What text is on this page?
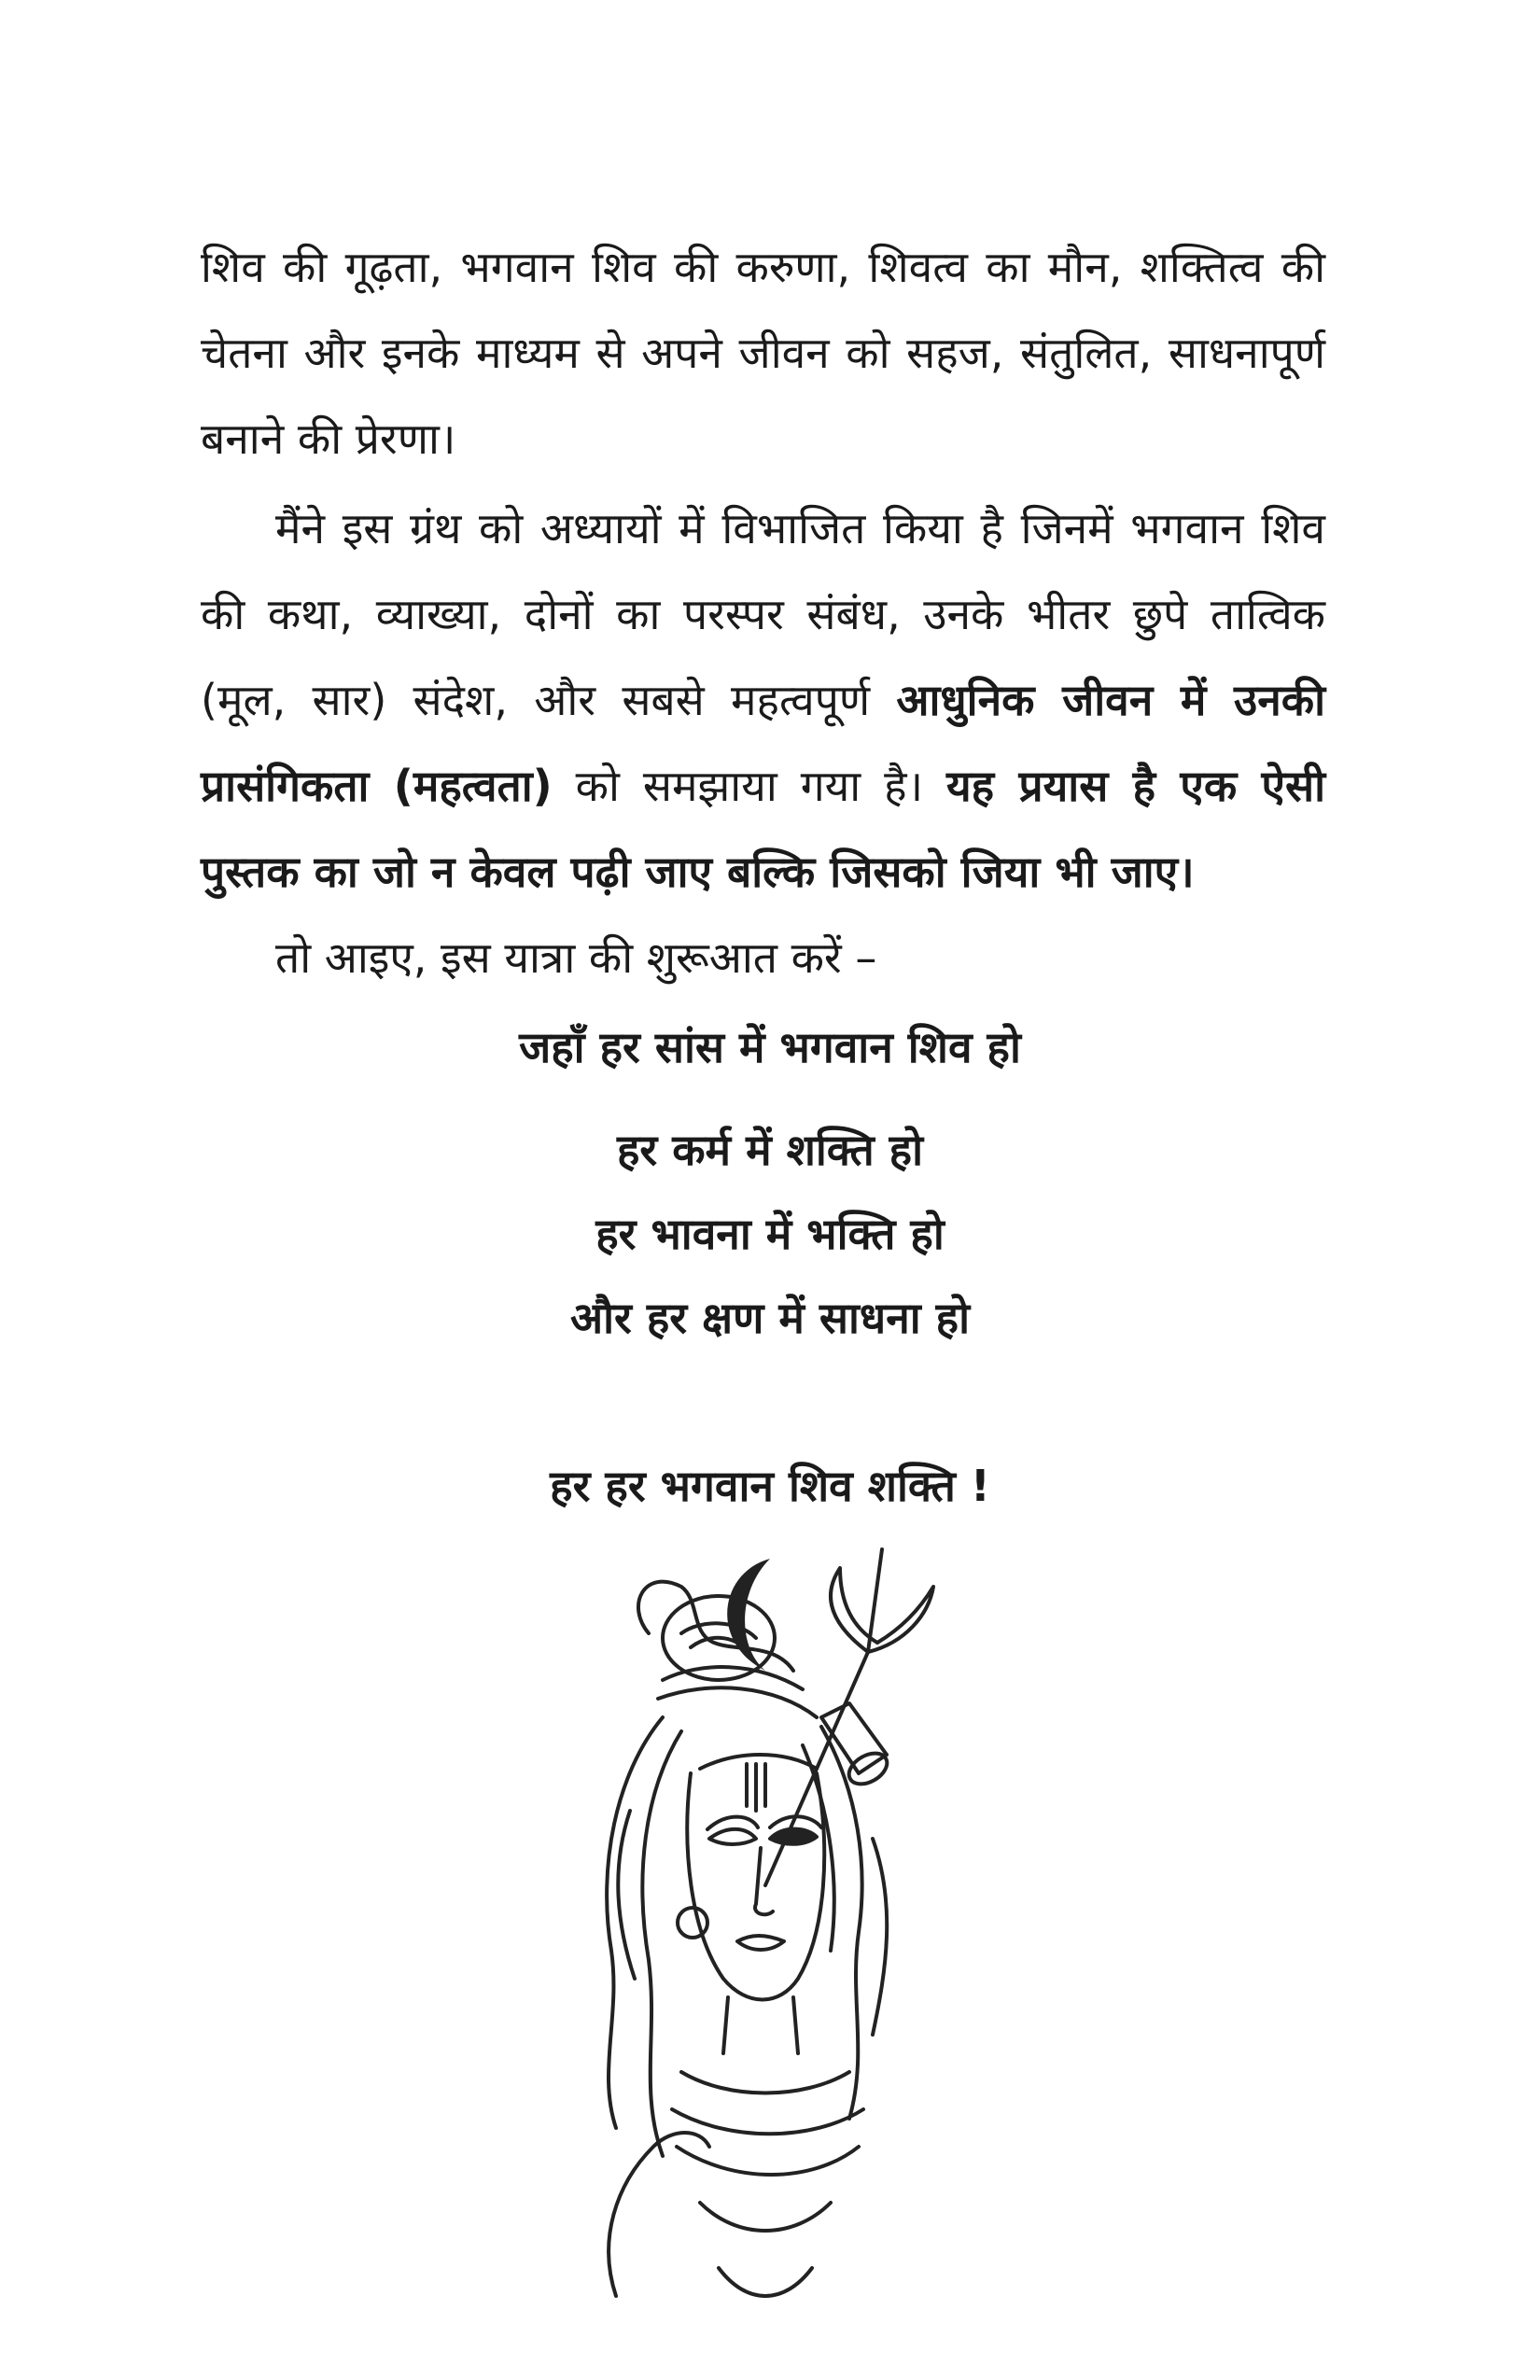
शिव की गूढ़ता, भगवान शिव की करुणा, शिवत्व का मौन, शक्तित्व की चेतना और इनके माध्यम से अपने जीवन को सहज, संतुलित, साधनापूर्ण बनाने की प्रेरणा।

मैंने इस ग्रंथ को अध्यायों में विभाजित किया है जिनमें भगवान शिव की कथा, व्याख्या, दोनों का परस्पर संबंध, उनके भीतर छुपे तात्विक (मूल, सार) संदेश, और सबसे महत्वपूर्ण आधुनिक जीवन में उनकी प्रासंगिकता (महत्वता) को समझाया गया है। यह प्रयास है एक ऐसी पुस्तक का जो न केवल पढ़ी जाए बल्कि जिसको जिया भी जाए।

तो आइए, इस यात्रा की शुरूआत करें –

जहाँ हर सांस में भगवान शिव हो

हर कर्म में शक्ति हो

हर भावना में भक्ति हो

और हर क्षण में साधना हो

हर हर भगवान शिव शक्ति !
